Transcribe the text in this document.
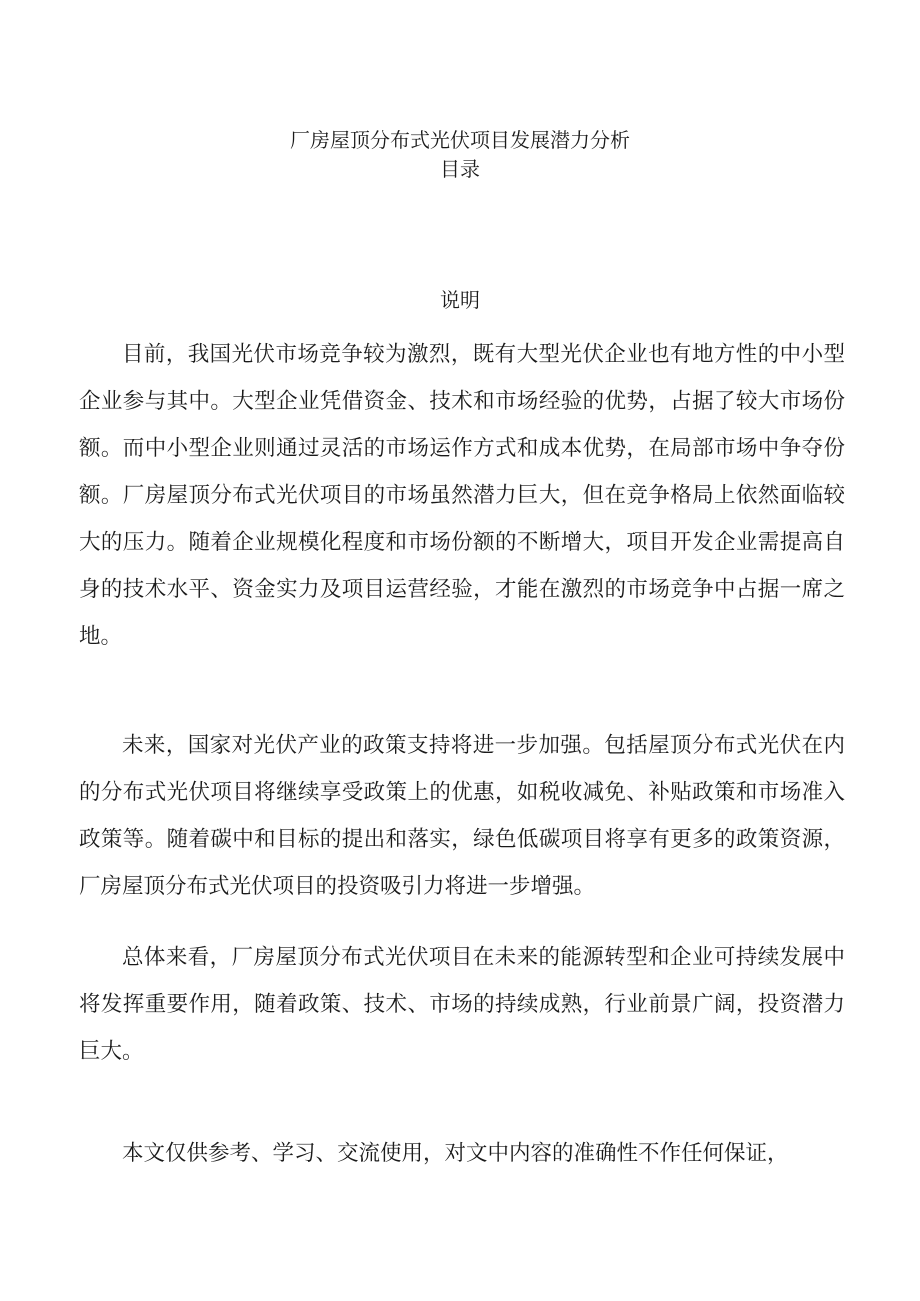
厂房屋顶分布式光伏项目发展潜力分析
目录
说明

目前，我国光伏市场竞争较为激烈，既有大型光伏企业也有地方性的中小型企业参与其中。大型企业凭借资金、技术和市场经验的优势，占据了较大市场份额。而中小型企业则通过灵活的市场运作方式和成本优势，在局部市场中争夺份额。厂房屋顶分布式光伏项目的市场虽然潜力巨大，但在竞争格局上依然面临较大的压力。随着企业规模化程度和市场份额的不断增大，项目开发企业需提高自身的技术水平、资金实力及项目运营经验，才能在激烈的市场竞争中占据一席之地。

未来，国家对光伏产业的政策支持将进一步加强。包括屋顶分布式光伏在内的分布式光伏项目将继续享受政策上的优惠，如税收减免、补贴政策和市场准入政策等。随着碳中和目标的提出和落实，绿色低碳项目将享有更多的政策资源，厂房屋顶分布式光伏项目的投资吸引力将进一步增强。

总体来看，厂房屋顶分布式光伏项目在未来的能源转型和企业可持续发展中将发挥重要作用，随着政策、技术、市场的持续成熟，行业前景广阔，投资潜力巨大。

本文仅供参考、学习、交流使用，对文中内容的准确性不作任何保证，
